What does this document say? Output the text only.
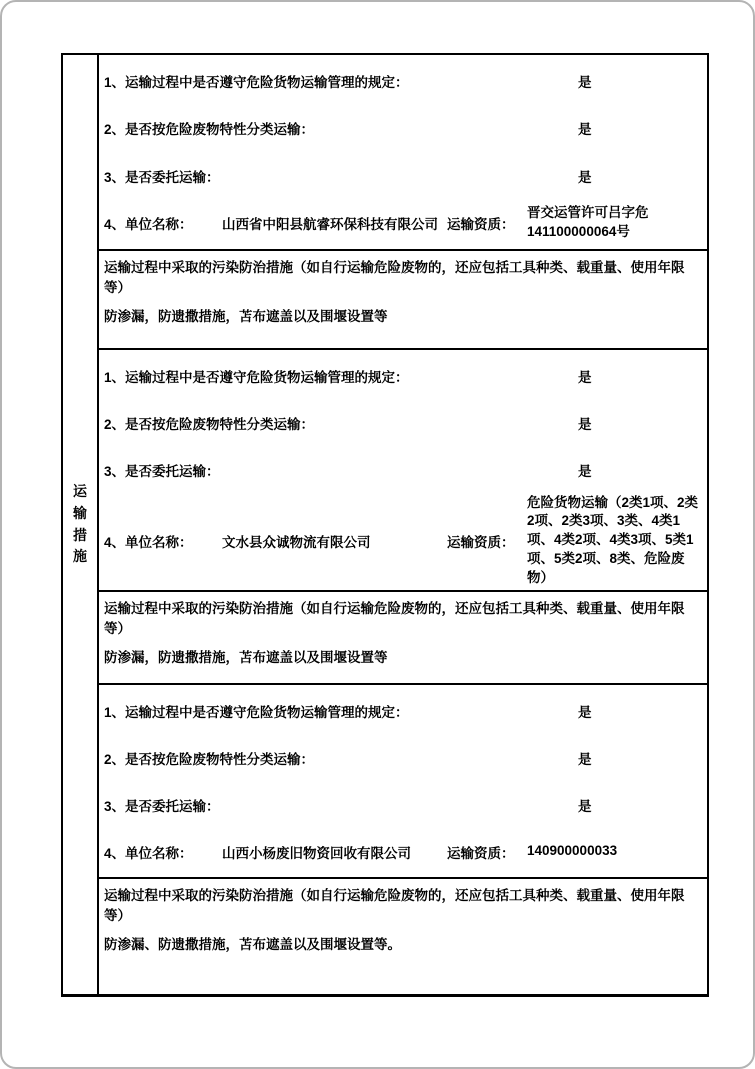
运输措施
1、运输过程中是否遵守危险货物运输管理的规定：	是
2、是否按危险废物特性分类运输：	是
3、是否委托运输：	是
4、单位名称：	山西省中阳县航睿环保科技有限公司 运输资质：
晋交运管许可吕字危 141100000064号
运输过程中采取的污染防治措施（如自行运输危险废物的，还应包括工具种类、载重量、使用年限等）
防渗漏，防遗撒措施，苫布遮盖以及围堰设置等
1、运输过程中是否遵守危险货物运输管理的规定：	是
2、是否按危险废物特性分类运输：	是
3、是否委托运输：	是
4、单位名称：	文水县众诚物流有限公司	运输资质：
危险货物运输（2类1项、2类2项、2类3项、3类、4类1项、4类2项、4类3项、5类1项、5类2项、8类、危险废物）
运输过程中采取的污染防治措施（如自行运输危险废物的，还应包括工具种类、载重量、使用年限等）
防渗漏，防遗撒措施，苫布遮盖以及围堰设置等
1、运输过程中是否遵守危险货物运输管理的规定：	是
2、是否按危险废物特性分类运输：	是
3、是否委托运输：	是
4、单位名称：	山西小杨废旧物资回收有限公司	运输资质： 140900000033
运输过程中采取的污染防治措施（如自行运输危险废物的，还应包括工具种类、载重量、使用年限等）
防渗漏、防遗撒措施，苫布遮盖以及围堰设置等。
